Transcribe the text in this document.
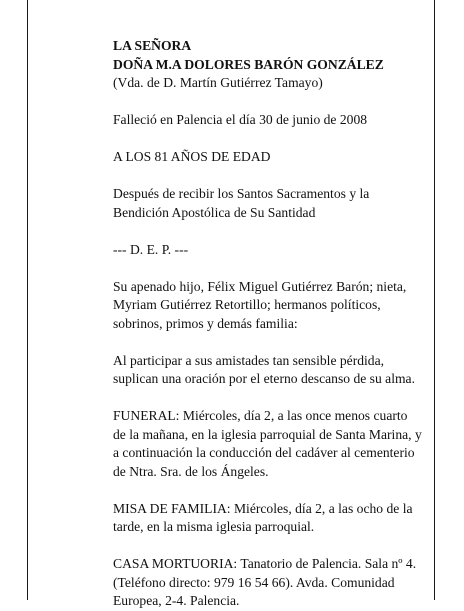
LA SEÑORA

DOÑA M.A DOLORES BARÓN GONZÁLEZ

(Vda. de D. Martín Gutiérrez Tamayo)

Falleció en Palencia el día 30 de junio de 2008

A LOS 81 AÑOS DE EDAD

Después de recibir los Santos Sacramentos y la Bendición Apostólica de Su Santidad

--- D. E. P. ---

Su apenado hijo, Félix Miguel Gutiérrez Barón; nieta, Myriam Gutiérrez Retortillo; hermanos políticos, sobrinos, primos y demás familia:

Al participar a sus amistades tan sensible pérdida, suplican una oración por el eterno descanso de su alma.

FUNERAL: Miércoles, día 2, a las once menos cuarto de la mañana, en la iglesia parroquial de Santa Marina, y a continuación la conducción del cadáver al cementerio de Ntra. Sra. de los Ángeles.

MISA DE FAMILIA: Miércoles, día 2, a las ocho de la tarde, en la misma iglesia parroquial.

CASA MORTUORIA: Tanatorio de Palencia. Sala nº 4. (Teléfono directo: 979 16 54 66). Avda. Comunidad Europea, 2-4. Palencia.
